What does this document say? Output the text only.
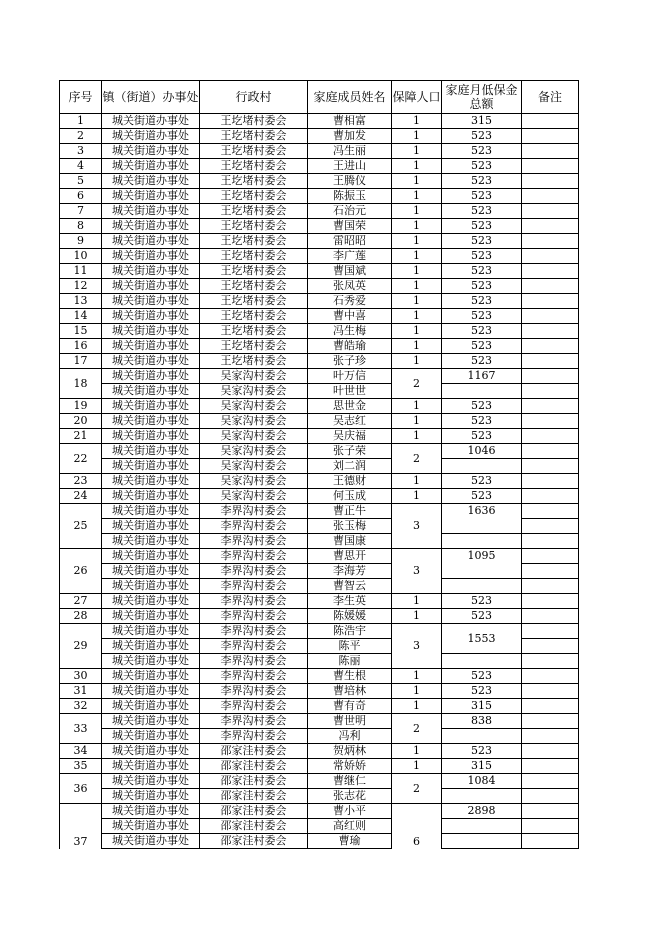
序号	镇（街道）办事处	行政村	家庭成员姓名	保障人口	家庭月低保金总额	备注
1	城关街道办事处	王圪堵村委会	曹相富	1	315	
2	城关街道办事处	王圪堵村委会	曹加发	1	523	
3	城关街道办事处	王圪堵村委会	冯生丽	1	523	
4	城关街道办事处	王圪堵村委会	王进山	1	523	
5	城关街道办事处	王圪堵村委会	王腾仪	1	523	
6	城关街道办事处	王圪堵村委会	陈振玉	1	523	
7	城关街道办事处	王圪堵村委会	石治元	1	523	
8	城关街道办事处	王圪堵村委会	曹国荣	1	523	
9	城关街道办事处	王圪堵村委会	雷昭昭	1	523	
10	城关街道办事处	王圪堵村委会	李广莲	1	523	
11	城关街道办事处	王圪堵村委会	曹国斌	1	523	
12	城关街道办事处	王圪堵村委会	张凤英	1	523	
13	城关街道办事处	王圪堵村委会	石秀爱	1	523	
14	城关街道办事处	王圪堵村委会	曹中喜	1	523	
15	城关街道办事处	王圪堵村委会	冯生梅	1	523	
16	城关街道办事处	王圪堵村委会	曹皓瑜	1	523	
17	城关街道办事处	王圪堵村委会	张子珍	1	523	
18	城关街道办事处	吴家沟村委会	叶万信	2	1167	
	城关街道办事处	吴家沟村委会	叶世世			
19	城关街道办事处	吴家沟村委会	思世金	1	523	
20	城关街道办事处	吴家沟村委会	吴志红	1	523	
21	城关街道办事处	吴家沟村委会	吴庆福	1	523	
22	城关街道办事处	吴家沟村委会	张子荣	2	1046	
	城关街道办事处	吴家沟村委会	刘二润			
23	城关街道办事处	吴家沟村委会	王德财	1	523	
24	城关街道办事处	吴家沟村委会	何玉成	1	523	
25	城关街道办事处	李界沟村委会	曹正牛	3	1636	
	城关街道办事处	李界沟村委会	张玉梅			
	城关街道办事处	李界沟村委会	曹国康			
26	城关街道办事处	李界沟村委会	曹思开	3	1095	
	城关街道办事处	李界沟村委会	李海芳			
	城关街道办事处	李界沟村委会	曹智云			
27	城关街道办事处	李界沟村委会	李生英	1	523	
28	城关街道办事处	李界沟村委会	陈媛媛	1	523	
29	城关街道办事处	李界沟村委会	陈浩宇	3	1553	
	城关街道办事处	李界沟村委会	陈平			
	城关街道办事处	李界沟村委会	陈丽			
30	城关街道办事处	李界沟村委会	曹生根	1	523	
31	城关街道办事处	李界沟村委会	曹培林	1	523	
32	城关街道办事处	李界沟村委会	曹有奇	1	315	
33	城关街道办事处	李界沟村委会	曹世明	2	838	
	城关街道办事处	李界沟村委会	冯利			
34	城关街道办事处	邵家洼村委会	贺炳林	1	523	
35	城关街道办事处	邵家洼村委会	常娇娇	1	315	
36	城关街道办事处	邵家洼村委会	曹继仁	2	1084	
	城关街道办事处	邵家洼村委会	张志花			
37	城关街道办事处	邵家洼村委会	曹小平	6	2898	
	城关街道办事处	邵家洼村委会	高红则			
	城关街道办事处	邵家洼村委会	曹瑜			
